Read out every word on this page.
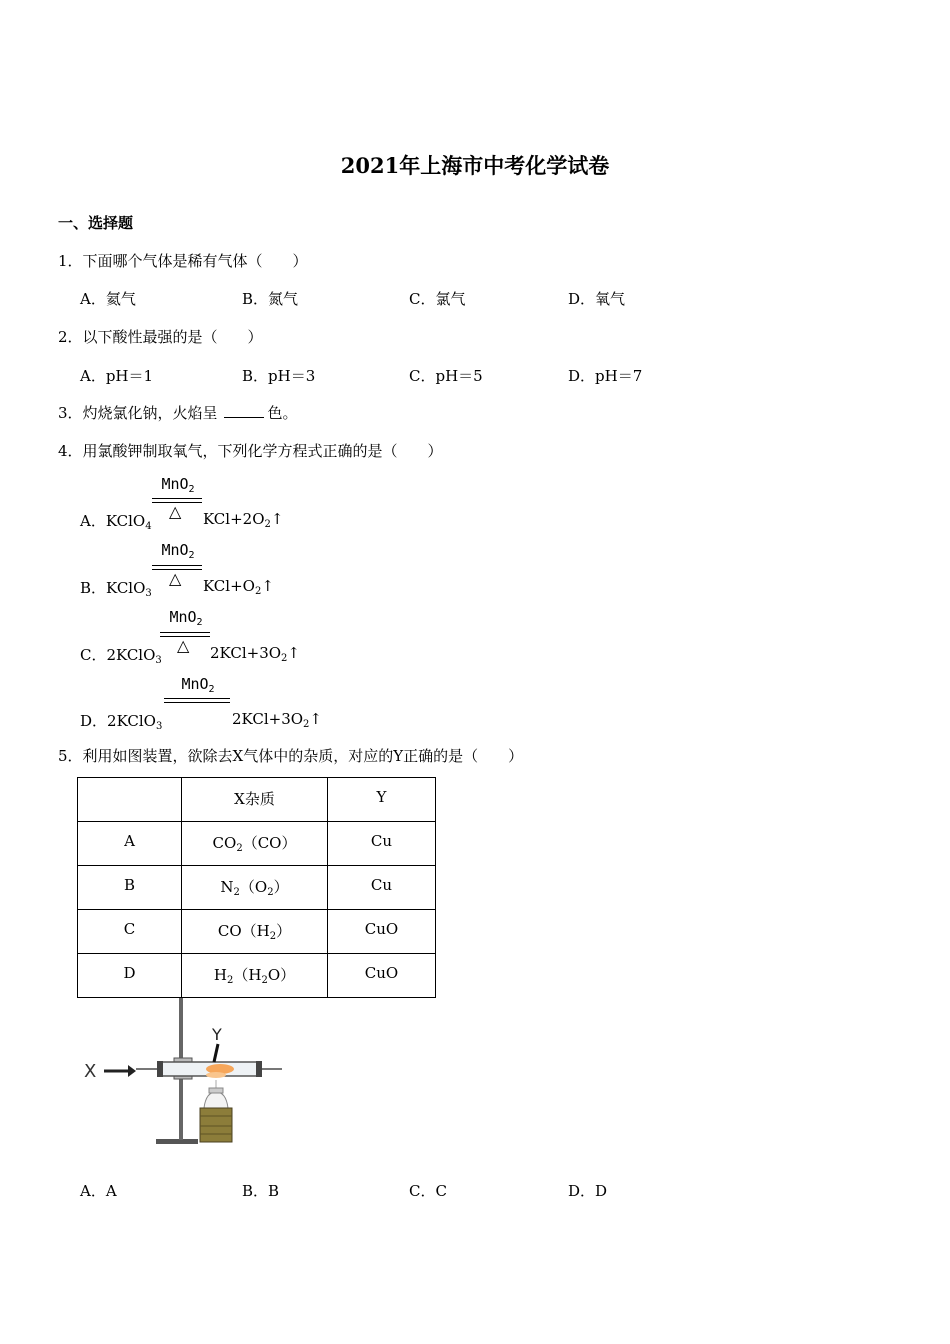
2021年上海市中考化学试卷
一、选择题
1．下面哪个气体是稀有气体（　　）
A．氦气	B．氮气	C．氯气	D．氧气
2．以下酸性最强的是（　　）
A．pH＝1	B．pH＝3	C．pH＝5	D．pH＝7
3．灼烧氯化钠，火焰呈	色。
4．用氯酸钾制取氧气，下列化学方程式正确的是（　　）
MnO$_2$
△
A．KClO$_4$	$KCl+2O_2↑$
MnO$_2$
△
B．KClO$_3$	$KCl+O_2↑$
MnO$_2$
△
C．2KClO$_3$	$2KCl+3O_2↑$
MnO$_2$
D．2KClO$_3$	$2KCl+3O_2↑$
5．利用如图装置，欲除去X气体中的杂质，对应的Y正确的是（　　）
	X杂质	Y
A	$CO_2(CO)$	Cu
B	$N_2(O_2)$	Cu
C	$CO(H_2)$	CuO
D	$H_2(H_2O)$	CuO
X
Y
A．A	B．B	C．C	D．D
